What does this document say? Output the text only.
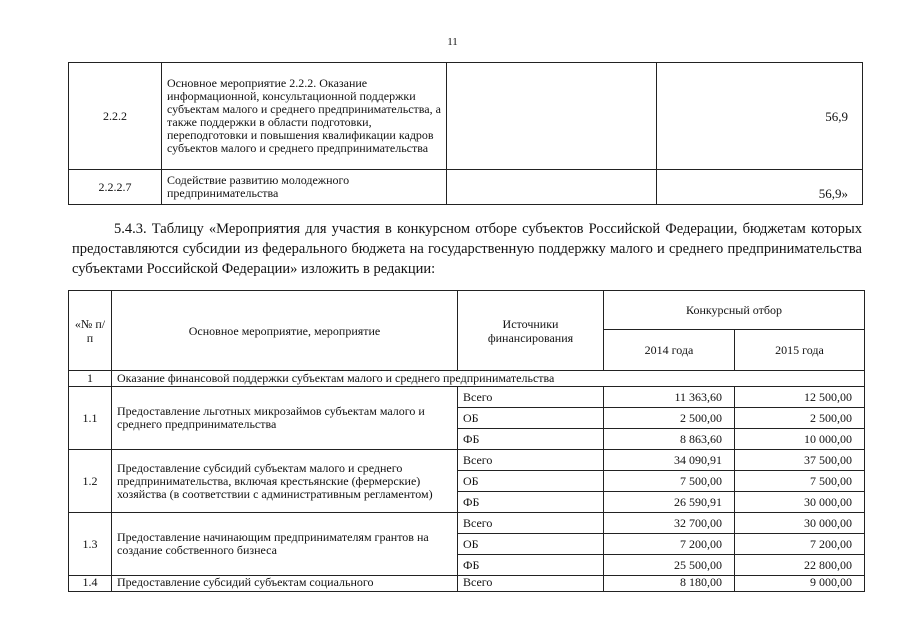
11
2.2.2	Основное мероприятие 2.2.2. Оказание информационной, консультационной поддержки субъектам малого и среднего предпринимательства, а также поддержки в области подготовки, переподготовки и повышения квалификации кадров субъектов малого и среднего предпринимательства		56,9
2.2.2.7	Содействие развитию молодежного предпринимательства		56,9»

5.4.3. Таблицу «Мероприятия для участия в конкурсном отборе субъектов Российской Федерации, бюджетам которых предоставляются субсидии из федерального бюджета на государственную поддержку малого и среднего предпринимательства субъектами Российской Федерации» изложить в редакции:

«№ п/п	Основное мероприятие, мероприятие	Источники финансирования	Конкурсный отбор	
			2014 года	2015 года
1	Оказание финансовой поддержки субъектам малого и среднего предпринимательства			
1.1	Предоставление льготных микрозаймов субъектам малого и среднего предпринимательства	Всего	11 363,60	12 500,00
		ОБ	2 500,00	2 500,00
		ФБ	8 863,60	10 000,00
1.2	Предоставление субсидий субъектам малого и среднего предпринимательства, включая крестьянские (фермерские) хозяйства (в соответствии с административным регламентом)	Всего	34 090,91	37 500,00
		ОБ	7 500,00	7 500,00
		ФБ	26 590,91	30 000,00
1.3	Предоставление начинающим предпринимателям грантов на создание собственного бизнеса	Всего	32 700,00	30 000,00
		ОБ	7 200,00	7 200,00
		ФБ	25 500,00	22 800,00
1.4	Предоставление субсидий субъектам социального	Всего	8 180,00	9 000,00
